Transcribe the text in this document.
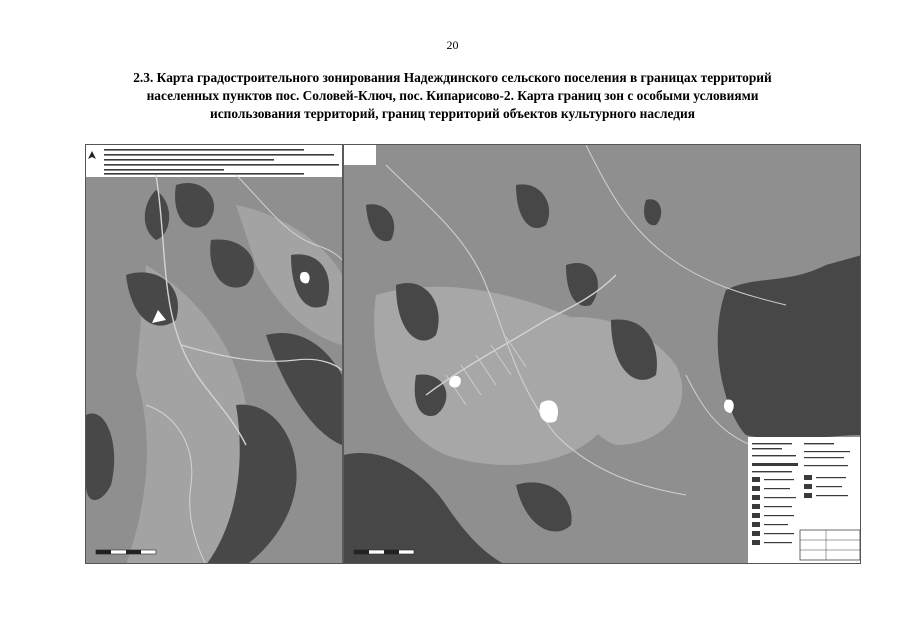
20
2.3. Карта градостроительного зонирования Надеждинского сельского поселения в границах территорий
населенных пунктов пос. Соловей-Ключ, пос. Кипарисово-2. Карта границ зон с особыми условиями
использования территорий, границ территорий объектов культурного наследия
